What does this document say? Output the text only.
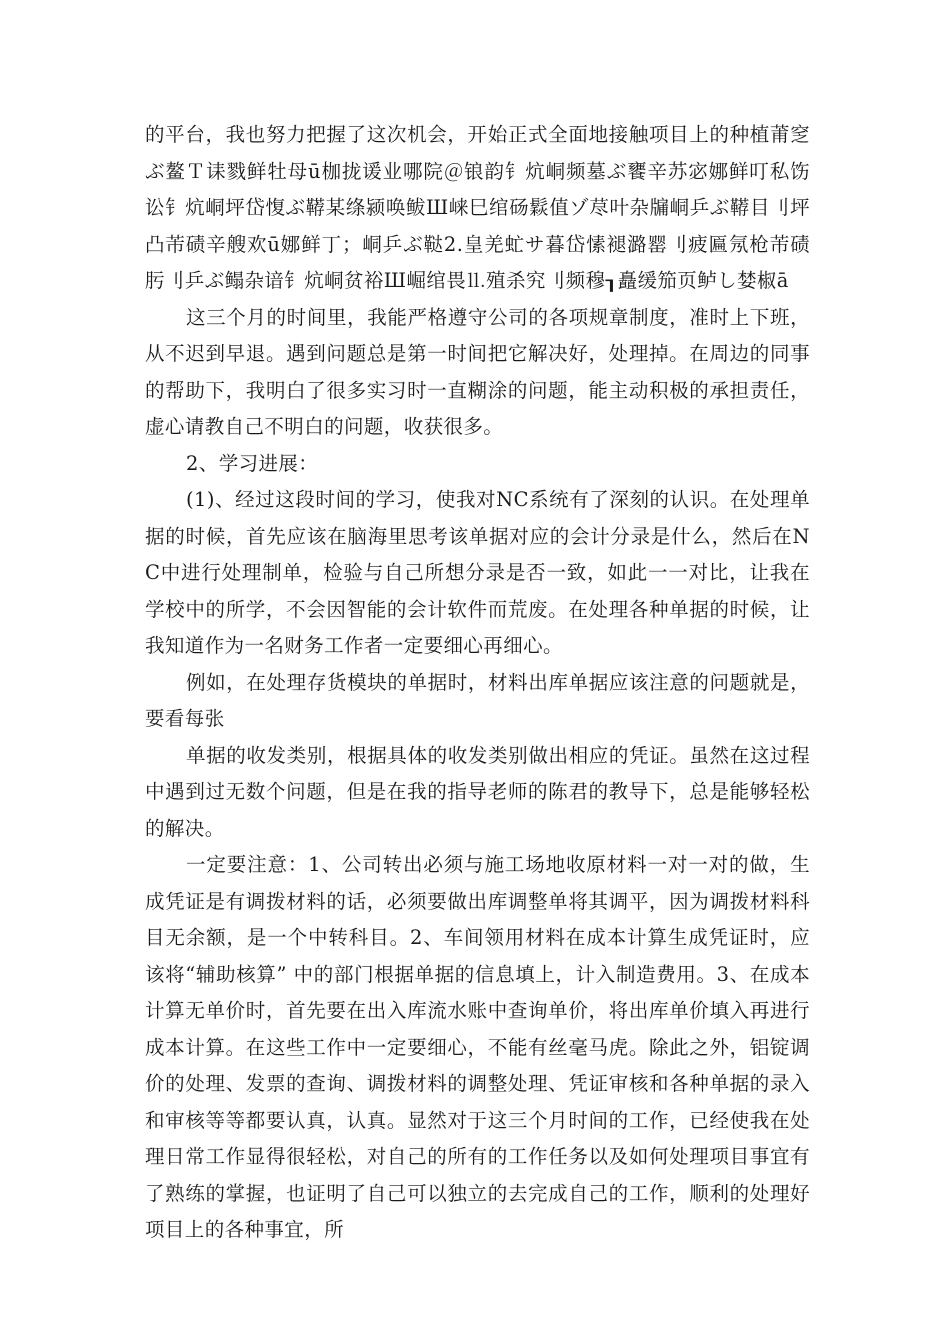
的平台，我也努力把握了这次机会，开始正式全面地接触项目上的种植莆窆ぶ鳌Ｔ诔戮鲜牡母ū枷拢谖业哪院＠锒韵钅炕峒频墓ぶ饔辛苏宓娜鲜叮私饬讼钅炕峒坪岱愎ぶ鞯某绦颍唤鲅Ш崃巳绾砀鬏值ゾ荩叶杂牖峒乒ぶ鞯目刂坪凸芾碛辛艘欢ū娜鲜丁；峒乒ぶ鞑2.皇羌虻サ暮岱愫褪潞罂刂疲匾氖枪芾碛肟刂乒ぶ鳎杂谙钅炕峒贫裕Ш崛绾畏⒒殖杀究刂频穆┒矗缓笳页鲈し婪椒ā

这三个月的时间里，我能严格遵守公司的各项规章制度，准时上下班，从不迟到早退。遇到问题总是第一时间把它解决好，处理掉。在周边的同事的帮助下，我明白了很多实习时一直糊涂的问题，能主动积极的承担责任，虚心请教自己不明白的问题，收获很多。

2、学习进展：

(1)、经过这段时间的学习，使我对NC系统有了深刻的认识。在处理单据的时候，首先应该在脑海里思考该单据对应的会计分录是什么，然后在NC中进行处理制单，检验与自己所想分录是否一致，如此一一对比，让我在学校中的所学，不会因智能的会计软件而荒废。在处理各种单据的时候，让我知道作为一名财务工作者一定要细心再细心。

例如，在处理存货模块的单据时，材料出库单据应该注意的问题就是，要看每张

单据的收发类别，根据具体的收发类别做出相应的凭证。虽然在这过程中遇到过无数个问题，但是在我的指导老师的陈君的教导下，总是能够轻松的解决。

一定要注意：1、公司转出必须与施工场地收原材料一对一对的做，生成凭证是有调拨材料的话，必须要做出库调整单将其调平，因为调拨材料科目无余额，是一个中转科目。2、车间领用材料在成本计算生成凭证时，应该将“辅助核算” 中的部门根据单据的信息填上，计入制造费用。3、在成本计算无单价时，首先要在出入库流水账中查询单价，将出库单价填入再进行成本计算。在这些工作中一定要细心，不能有丝毫马虎。除此之外，铝锭调价的处理、发票的查询、调拨材料的调整处理、凭证审核和各种单据的录入和审核等等都要认真，认真。显然对于这三个月时间的工作，已经使我在处理日常工作显得很轻松，对自己的所有的工作任务以及如何处理项目事宜有了熟练的掌握，也证明了自己可以独立的去完成自己的工作，顺利的处理好项目上的各种事宜，所
